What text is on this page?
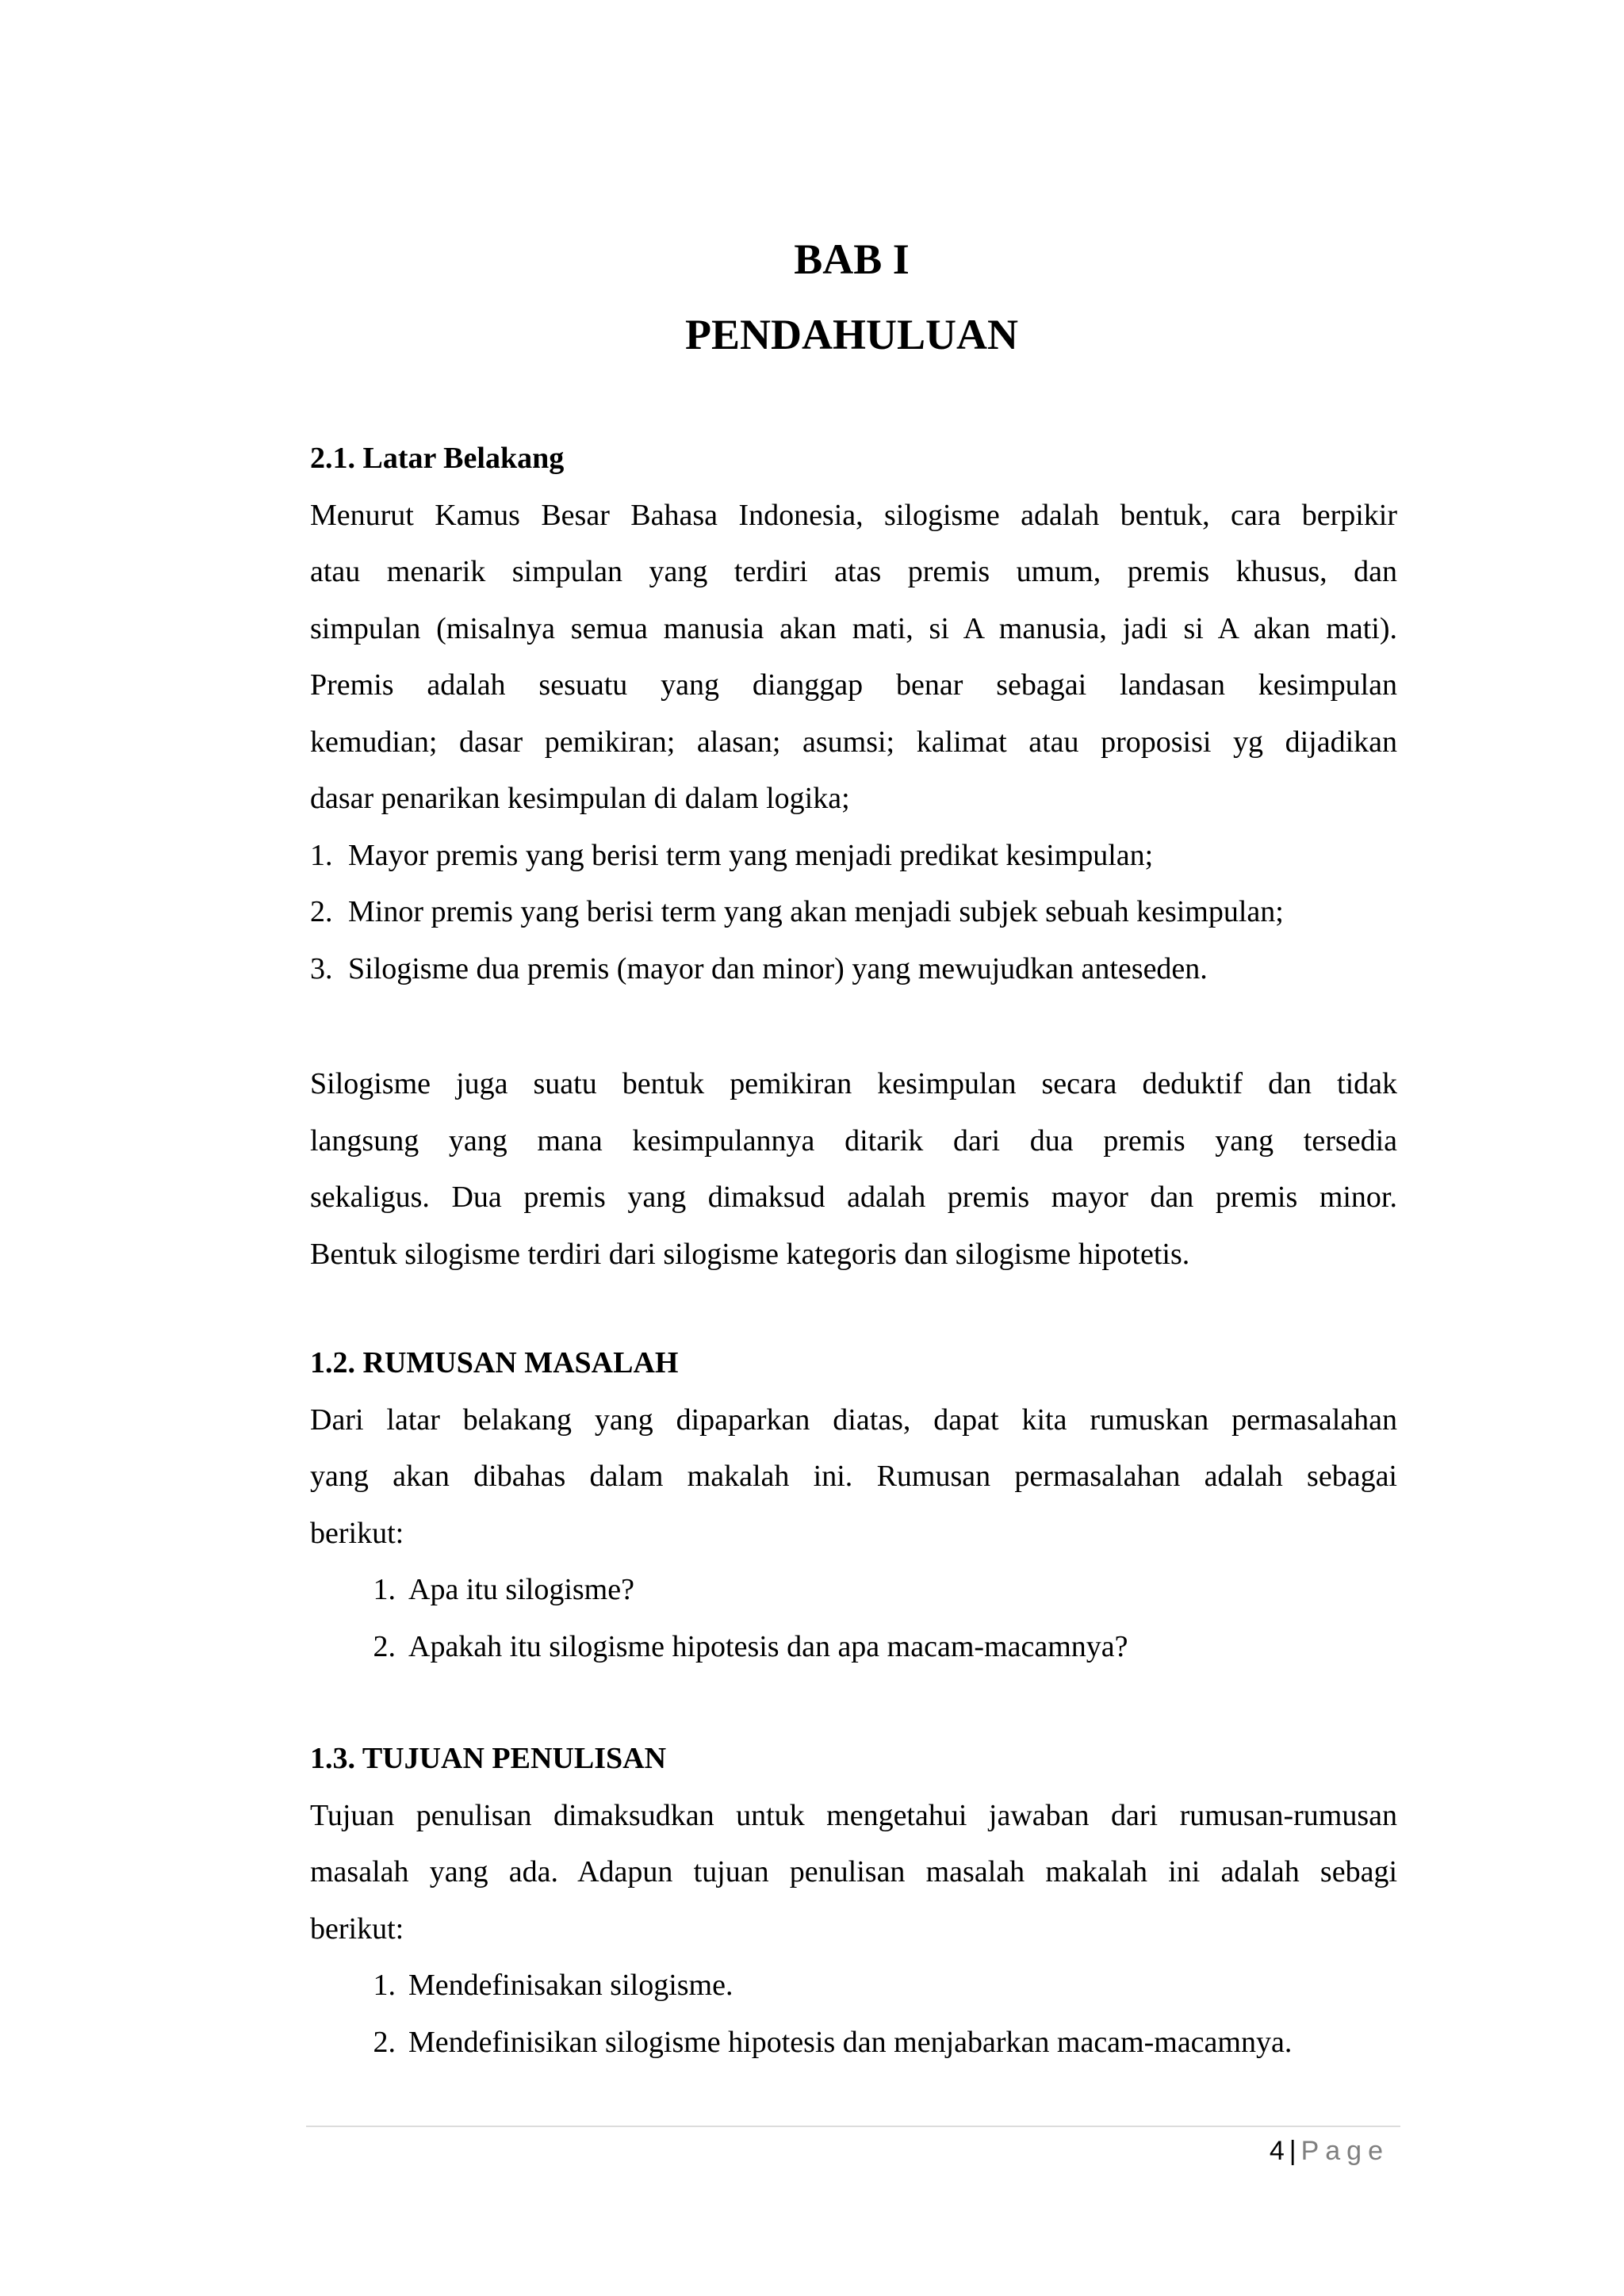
BAB I
PENDAHULUAN

2.1. Latar Belakang

Menurut Kamus Besar Bahasa Indonesia, silogisme adalah bentuk, cara berpikir
atau menarik simpulan yang terdiri atas premis umum, premis khusus, dan
simpulan (misalnya semua manusia akan mati, si A manusia, jadi si A akan mati).
Premis adalah sesuatu yang dianggap benar sebagai landasan kesimpulan
kemudian; dasar pemikiran; alasan; asumsi; kalimat atau proposisi yg dijadikan
dasar penarikan kesimpulan di dalam logika;
1. Mayor premis yang berisi term yang menjadi predikat kesimpulan;
2. Minor premis yang berisi term yang akan menjadi subjek sebuah kesimpulan;
3. Silogisme dua premis (mayor dan minor) yang mewujudkan anteseden.
Silogisme juga suatu bentuk pemikiran kesimpulan secara deduktif dan tidak
langsung yang mana kesimpulannya ditarik dari dua premis yang tersedia
sekaligus. Dua premis yang dimaksud adalah premis mayor dan premis minor.
Bentuk silogisme terdiri dari silogisme kategoris dan silogisme hipotetis.

1.2. RUMUSAN MASALAH

Dari latar belakang yang dipaparkan diatas, dapat kita rumuskan permasalahan
yang akan dibahas dalam makalah ini. Rumusan permasalahan adalah sebagai
berikut:
1. Apa itu silogisme?
2. Apakah itu silogisme hipotesis dan apa macam-macamnya?

1.3. TUJUAN PENULISAN

Tujuan penulisan dimaksudkan untuk mengetahui jawaban dari rumusan-rumusan
masalah yang ada. Adapun tujuan penulisan masalah makalah ini adalah sebagi
berikut:
1. Mendefinisakan silogisme.
2. Mendefinisikan silogisme hipotesis dan menjabarkan macam-macamnya.
4 | Page
